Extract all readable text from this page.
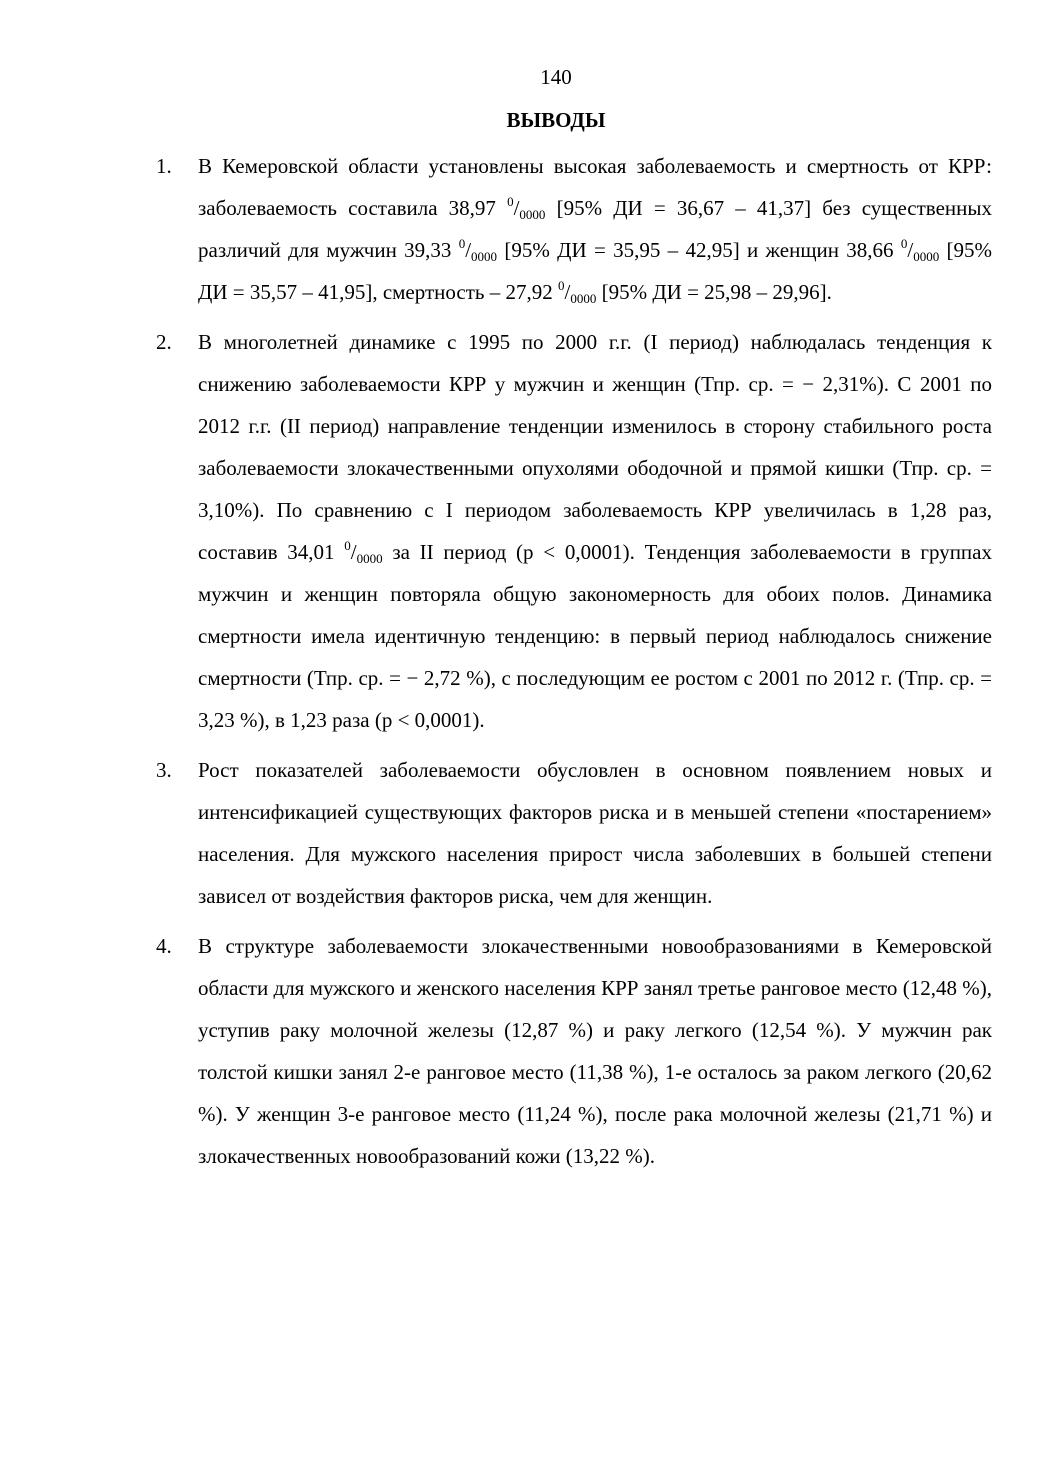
140
ВЫВОДЫ
1. В Кемеровской области установлены высокая заболеваемость и смертность от КРР: заболеваемость составила 38,97 $^0/_{0000}$ [95% ДИ = 36,67 – 41,37] без существенных различий для мужчин 39,33 $^0/_{0000}$ [95% ДИ = 35,95 – 42,95] и женщин 38,66 $^0/_{0000}$ [95% ДИ = 35,57 – 41,95], смертность – 27,92 $^0/_{0000}$ [95% ДИ = 25,98 – 29,96].
2. В многолетней динамике с 1995 по 2000 г.г. (I период) наблюдалась тенденция к снижению заболеваемости КРР у мужчин и женщин (Тпр. ср. = − 2,31%). С 2001 по 2012 г.г. (II период) направление тенденции изменилось в сторону стабильного роста заболеваемости злокачественными опухолями ободочной и прямой кишки (Тпр. ср. = 3,10%). По сравнению с I периодом заболеваемость КРР увеличилась в 1,28 раз, составив 34,01 $^0/_{0000}$ за II период (р < 0,0001). Тенденция заболеваемости в группах мужчин и женщин повторяла общую закономерность для обоих полов. Динамика смертности имела идентичную тенденцию: в первый период наблюдалось снижение смертности (Тпр. ср. = − 2,72 %), с последующим ее ростом с 2001 по 2012 г. (Тпр. ср. = 3,23 %), в 1,23 раза (р < 0,0001).
3. Рост показателей заболеваемости обусловлен в основном появлением новых и интенсификацией существующих факторов риска и в меньшей степени «постарением» населения. Для мужского населения прирост числа заболевших в большей степени зависел от воздействия факторов риска, чем для женщин.
4. В структуре заболеваемости злокачественными новообразованиями в Кемеровской области для мужского и женского населения КРР занял третье ранговое место (12,48 %), уступив раку молочной железы (12,87 %) и раку легкого (12,54 %). У мужчин рак толстой кишки занял 2-е ранговое место (11,38 %), 1-е осталось за раком легкого (20,62 %). У женщин 3-е ранговое место (11,24 %), после рака молочной железы (21,71 %) и злокачественных новообразований кожи (13,22 %).
